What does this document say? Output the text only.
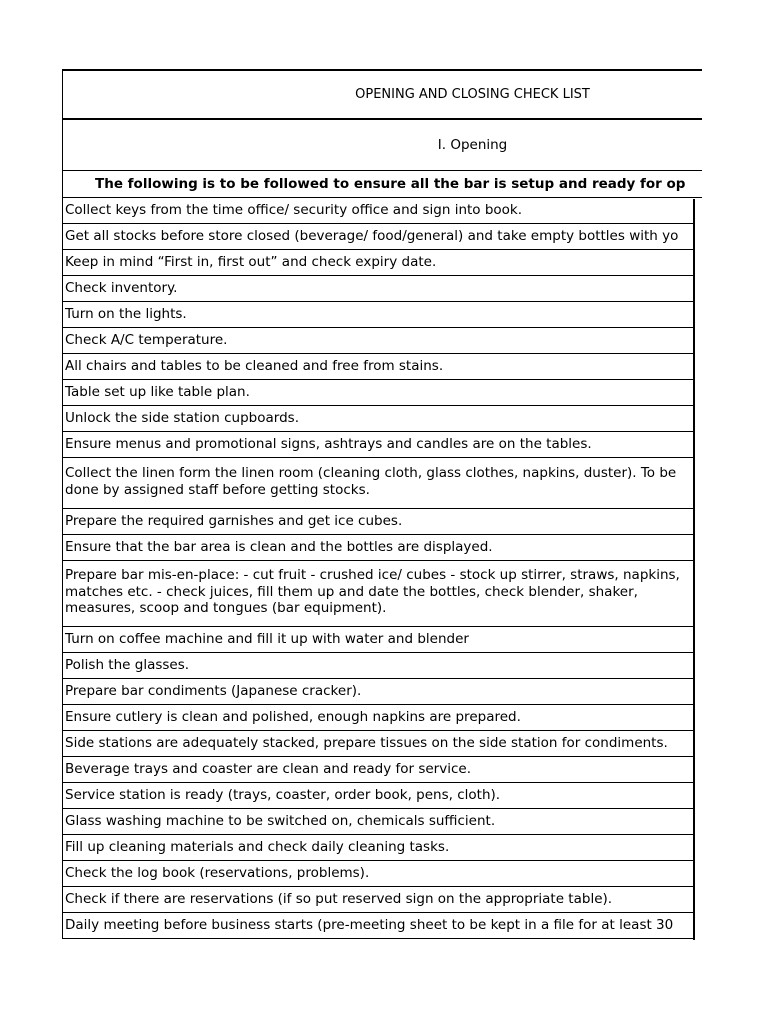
OPENING AND CLOSING CHECK LIST
I. Opening
The following is to be followed to ensure all the bar is setup and ready for op
Collect keys from the time office/ security office and sign into book.
Get all stocks before store closed (beverage/ food/general) and take empty bottles with yo
Keep in mind “First in, first out” and check expiry date.
Check inventory.
Turn on the lights.
Check A/C temperature.
All chairs and tables to be cleaned and free from stains.
Table set up like table plan.
Unlock the side station cupboards.
Ensure menus and promotional signs, ashtrays and candles are on the tables.
Collect the linen form the linen room (cleaning cloth, glass clothes, napkins, duster). To be done by assigned staff before getting stocks.
Prepare the required garnishes and get ice cubes.
Ensure that the bar area is clean and the bottles are displayed.
Prepare bar mis-en-place: - cut fruit - crushed ice/ cubes - stock up stirrer, straws, napkins, matches etc. - check juices, fill them up and date the bottles, check blender, shaker, measures, scoop and tongues (bar equipment).
Turn on coffee machine and fill it up with water and blender
Polish the glasses.
Prepare bar condiments (Japanese cracker).
Ensure cutlery is clean and polished, enough napkins are prepared.
Side stations are adequately stacked, prepare tissues on the side station for condiments.
Beverage trays and coaster are clean and ready for service.
Service station is ready (trays, coaster, order book, pens, cloth).
Glass washing machine to be switched on, chemicals sufficient.
Fill up cleaning materials and check daily cleaning tasks.
Check the log book (reservations, problems).
Check if there are reservations (if so put reserved sign on the appropriate table).
Daily meeting before business starts (pre-meeting sheet to be kept in a file for at least 30
